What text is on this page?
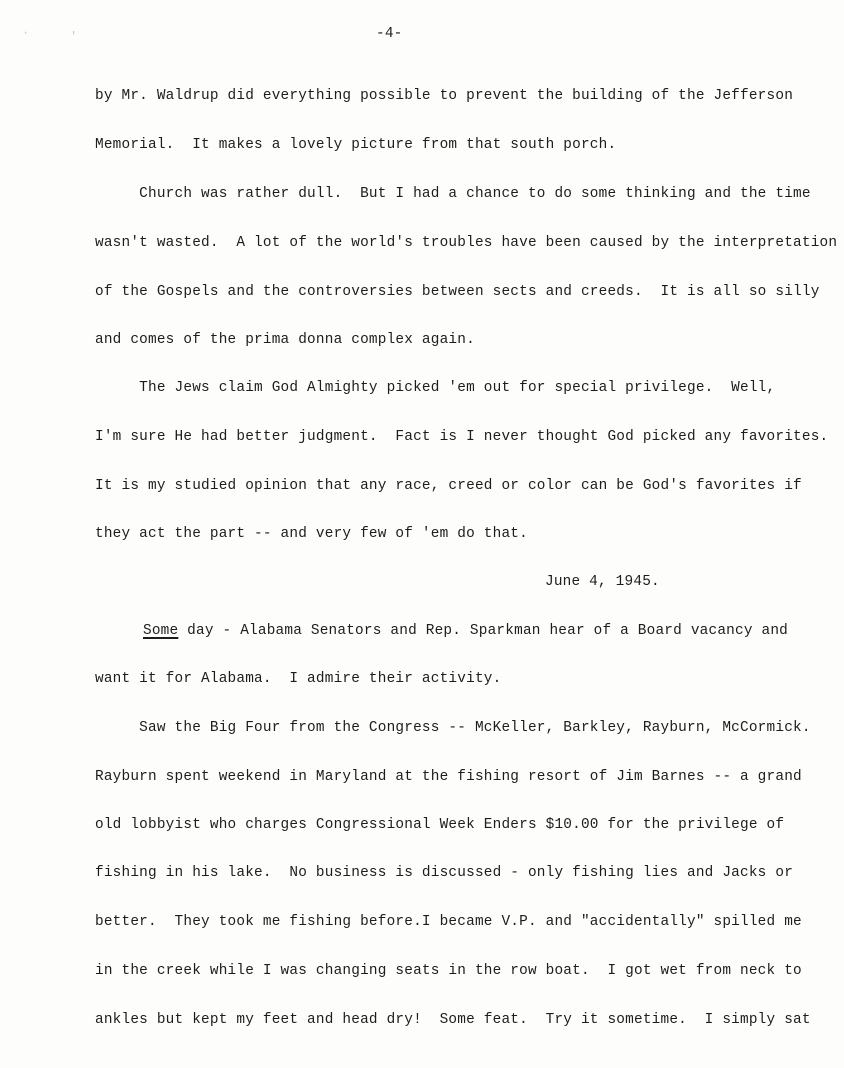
·	'	-4-
by Mr. Waldrup did everything possible to prevent the building of the Jefferson
Memorial.  It makes a lovely picture from that south porch.
Church was rather dull.  But I had a chance to do some thinking and the time
wasn't wasted.  A lot of the world's troubles have been caused by the interpretation
of the Gospels and the controversies between sects and creeds.  It is all so silly
and comes of the prima donna complex again.
The Jews claim God Almighty picked 'em out for special privilege.  Well,
I'm sure He had better judgment.  Fact is I never thought God picked any favorites.
It is my studied opinion that any race, creed or color can be God's favorites if
they act the part -- and very few of 'em do that.
June 4, 1945.
Some day - Alabama Senators and Rep. Sparkman hear of a Board vacancy and
want it for Alabama.  I admire their activity.
Saw the Big Four from the Congress -- McKeller, Barkley, Rayburn, McCormick.
Rayburn spent weekend in Maryland at the fishing resort of Jim Barnes -- a grand
old lobbyist who charges Congressional Week Enders $10.00 for the privilege of
fishing in his lake.  No business is discussed - only fishing lies and Jacks or
better.  They took me fishing before.I became V.P. and "accidentally" spilled me
in the creek while I was changing seats in the row boat.  I got wet from neck to
ankles but kept my feet and head dry!  Some feat.  Try it sometime.  I simply sat
